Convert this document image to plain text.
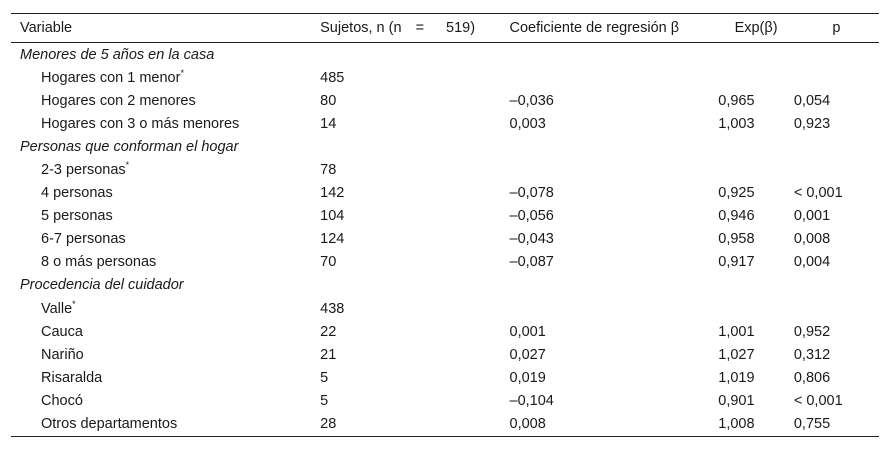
Variable	Sujetos, n (n = 519)	Coeficiente de regresión β	Exp(β)	p
Menores de 5 años en la casa				
Hogares con 1 menor*	485			
Hogares con 2 menores	80	–0,036	0,965	0,054
Hogares con 3 o más menores	14	0,003	1,003	0,923
Personas que conforman el hogar				
2-3 personas*	78			
4 personas	142	–0,078	0,925	< 0,001
5 personas	104	–0,056	0,946	0,001
6-7 personas	124	–0,043	0,958	0,008
8 o más personas	70	–0,087	0,917	0,004
Procedencia del cuidador				
Valle*	438			
Cauca	22	0,001	1,001	0,952
Nariño	21	0,027	1,027	0,312
Risaralda	5	0,019	1,019	0,806
Chocó	5	–0,104	0,901	< 0,001
Otros departamentos	28	0,008	1,008	0,755
